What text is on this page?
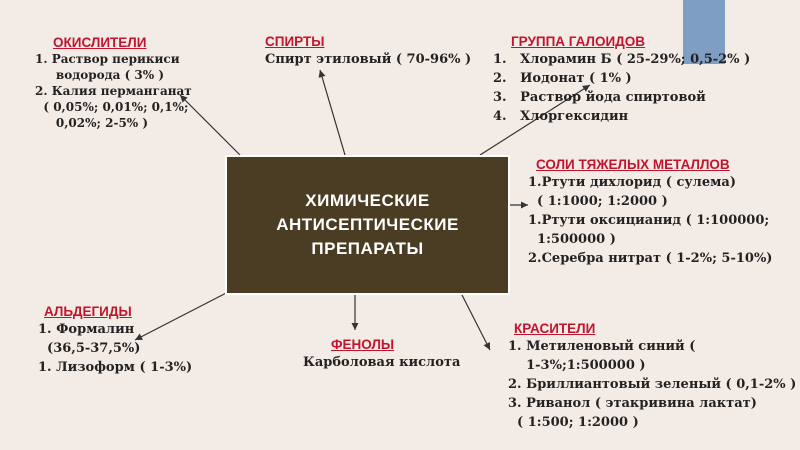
ХИМИЧЕСКИЕ
АНТИСЕПТИЧЕСКИЕ
ПРЕПАРАТЫ
ОКИСЛИТЕЛИ
1. Раствор перикиси
водорода ( 3% )
2. Калия перманганат
( 0,05%; 0,01%; 0,1%;
0,02%; 2-5% )
СПИРТЫ
Спирт этиловый ( 70-96% )
ГРУППА ГАЛОИДОВ
1.   Хлорамин Б ( 25-29%; 0,5-2% )
2.   Иодонат ( 1% )
3.   Раствор йода спиртовой
4.   Хлоргексидин
СОЛИ ТЯЖЕЛЫХ МЕТАЛЛОВ
1.Ртути дихлорид ( сулема)
( 1:1000; 1:2000 )
1.Ртути оксицианид ( 1:100000;
1:500000 )
2.Серебра нитрат ( 1-2%; 5-10%)
АЛЬДЕГИДЫ
1. Формалин
(36,5-37,5%)
1. Лизоформ ( 1-3%)
ФЕНОЛЫ
Карболовая кислота
КРАСИТЕЛИ
1. Метиленовый синий (
1-3%;1:500000 )
2. Бриллиантовый зеленый ( 0,1-2% )
3. Риванол ( этакривина лактат)
( 1:500; 1:2000 )
